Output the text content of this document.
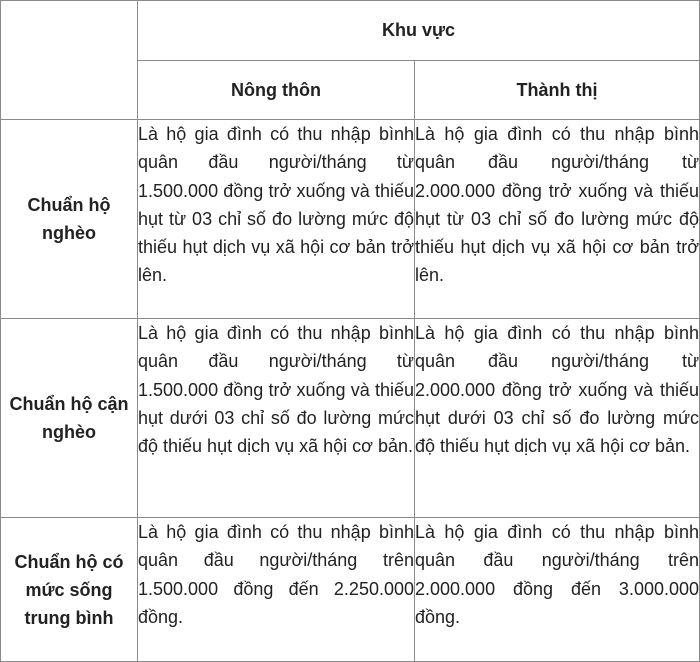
	Khu vực	
	Nông thôn	Thành thị
Chuẩn hộ nghèo	Là hộ gia đình có thu nhập bình quân đầu người/tháng từ 1.500.000 đồng trở xuống và thiếu hụt từ 03 chỉ số đo lường mức độ thiếu hụt dịch vụ xã hội cơ bản trở lên.	Là hộ gia đình có thu nhập bình quân đầu người/tháng từ 2.000.000 đồng trở xuống và thiếu hụt từ 03 chỉ số đo lường mức độ thiếu hụt dịch vụ xã hội cơ bản trở lên.
Chuẩn hộ cận nghèo	Là hộ gia đình có thu nhập bình quân đầu người/tháng từ 1.500.000 đồng trở xuống và thiếu hụt dưới 03 chỉ số đo lường mức độ thiếu hụt dịch vụ xã hội cơ bản.	Là hộ gia đình có thu nhập bình quân đầu người/tháng từ 2.000.000 đồng trở xuống và thiếu hụt dưới 03 chỉ số đo lường mức độ thiếu hụt dịch vụ xã hội cơ bản.
Chuẩn hộ có mức sống trung bình	Là hộ gia đình có thu nhập bình quân đầu người/tháng trên 1.500.000 đồng đến 2.250.000 đồng.	Là hộ gia đình có thu nhập bình quân đầu người/tháng trên 2.000.000 đồng đến 3.000.000 đồng.
